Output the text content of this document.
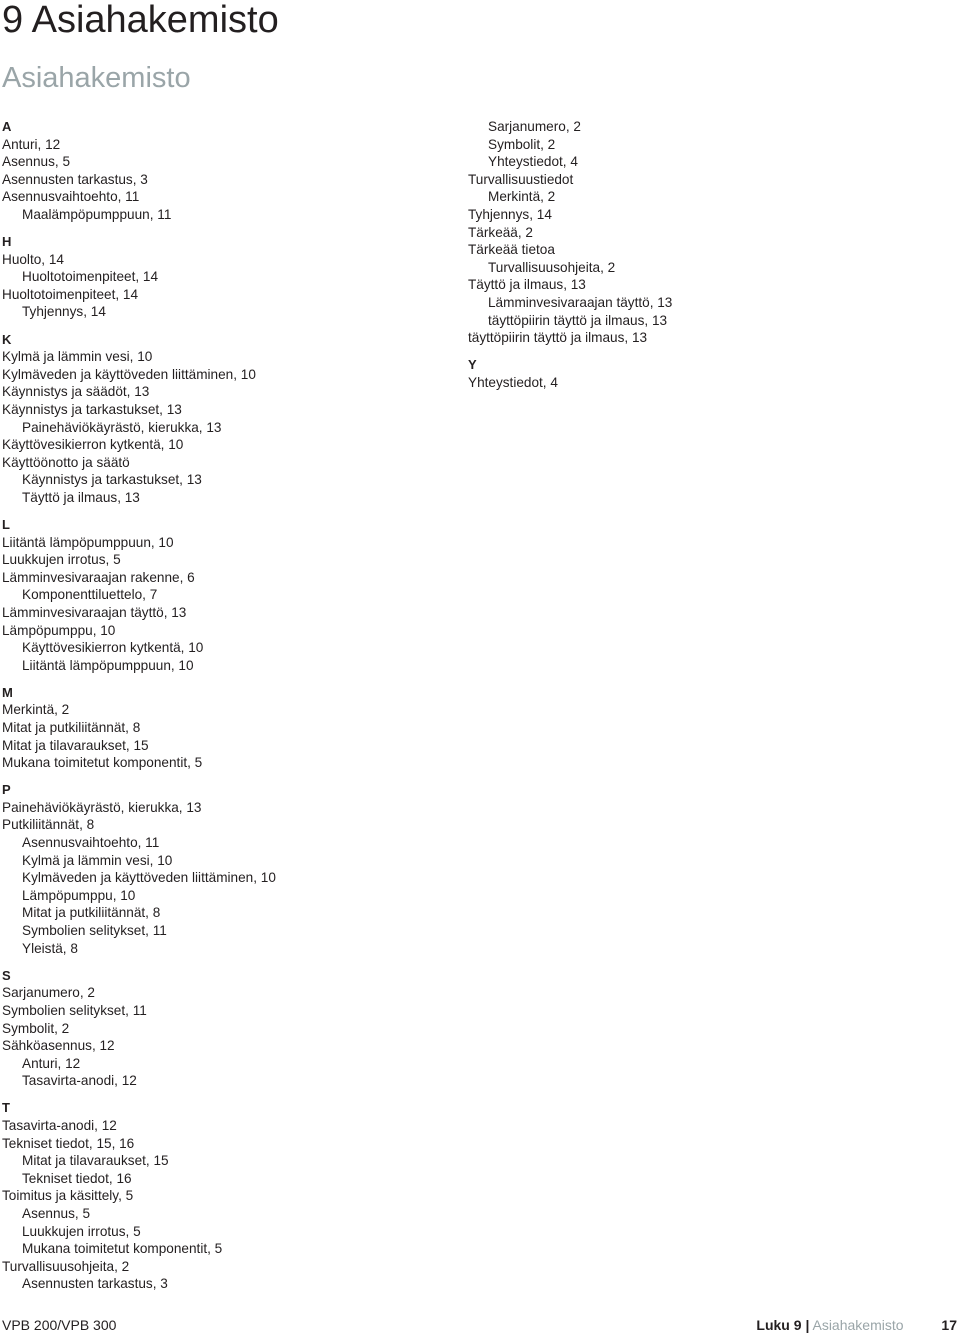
9 Asiahakemisto
Asiahakemisto
A
Anturi, 12
Asennus, 5
Asennusten tarkastus, 3
Asennusvaihtoehto, 11
Maalämpöpumppuun, 11
H
Huolto, 14
Huoltotoimenpiteet, 14
Huoltotoimenpiteet, 14
Tyhjennys, 14
K
Kylmä ja lämmin vesi, 10
Kylmäveden ja käyttöveden liittäminen, 10
Käynnistys ja säädöt, 13
Käynnistys ja tarkastukset, 13
Painehäviökäyrästö, kierukka, 13
Käyttövesikierron kytkentä, 10
Käyttöönotto ja säätö
Käynnistys ja tarkastukset, 13
Täyttö ja ilmaus, 13
L
Liitäntä lämpöpumppuun, 10
Luukkujen irrotus, 5
Lämminvesivaraajan rakenne, 6
Komponenttiluettelo, 7
Lämminvesivaraajan täyttö, 13
Lämpöpumppu, 10
Käyttövesikierron kytkentä, 10
Liitäntä lämpöpumppuun, 10
M
Merkintä, 2
Mitat ja putkiliitännät, 8
Mitat ja tilavaraukset, 15
Mukana toimitetut komponentit, 5
P
Painehäviökäyrästö, kierukka, 13
Putkiliitännät, 8
Asennusvaihtoehto, 11
Kylmä ja lämmin vesi, 10
Kylmäveden ja käyttöveden liittäminen, 10
Lämpöpumppu, 10
Mitat ja putkiliitännät, 8
Symbolien selitykset, 11
Yleistä, 8
S
Sarjanumero, 2
Symbolien selitykset, 11
Symbolit, 2
Sähköasennus, 12
Anturi, 12
Tasavirta-anodi, 12
T
Tasavirta-anodi, 12
Tekniset tiedot, 15, 16
Mitat ja tilavaraukset, 15
Tekniset tiedot, 16
Toimitus ja käsittely, 5
Asennus, 5
Luukkujen irrotus, 5
Mukana toimitetut komponentit, 5
Turvallisuusohjeita, 2
Asennusten tarkastus, 3
Sarjanumero, 2
Symbolit, 2
Yhteystiedot, 4
Turvallisuustiedot
Merkintä, 2
Tyhjennys, 14
Tärkeää, 2
Tärkeää tietoa
Turvallisuusohjeita, 2
Täyttö ja ilmaus, 13
Lämminvesivaraajan täyttö, 13
täyttöpiirin täyttö ja ilmaus, 13
täyttöpiirin täyttö ja ilmaus, 13
Y
Yhteystiedot, 4
VPB 200/VPB 300	Luku 9 | Asiahakemisto	17
